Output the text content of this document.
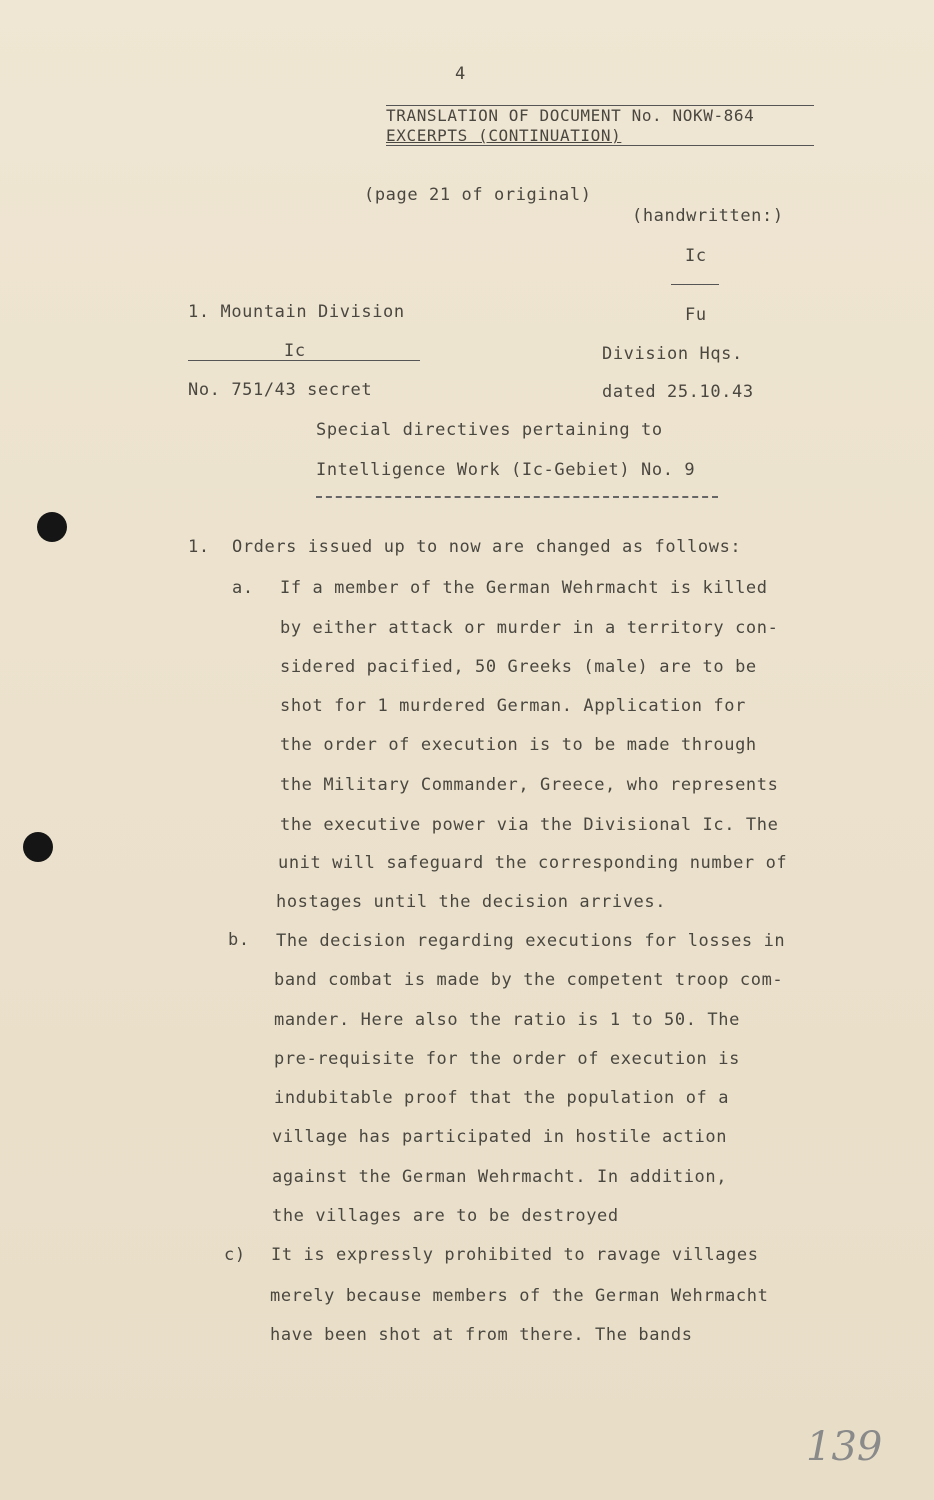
4
TRANSLATION OF DOCUMENT No. NOKW-864
EXCERPTS (CONTINUATION)
(page 21 of original)
(handwritten:)
Ic
Fu
1. Mountain Division
Ic
No. 751/43 secret
Division Hqs.
dated 25.10.43
Special directives pertaining to
Intelligence Work (Ic-Gebiet) No. 9
1. Orders issued up to now are changed as follows:
a. If a member of the German Wehrmacht is killed
by either attack or murder in a territory con-
sidered pacified, 50 Greeks (male) are to be
shot for 1 murdered German. Application for
the order of execution is to be made through
the Military Commander, Greece, who represents
the executive power via the Divisional Ic. The
unit will safeguard the corresponding number of
hostages until the decision arrives.
b. The decision regarding executions for losses in
band combat is made by the competent troop com-
mander. Here also the ratio is 1 to 50. The
pre-requisite for the order of execution is
indubitable proof that the population of a
village has participated in hostile action
against the German Wehrmacht. In addition,
the villages are to be destroyed
c) It is expressly prohibited to ravage villages
merely because members of the German Wehrmacht
have been shot at from there. The bands
139
